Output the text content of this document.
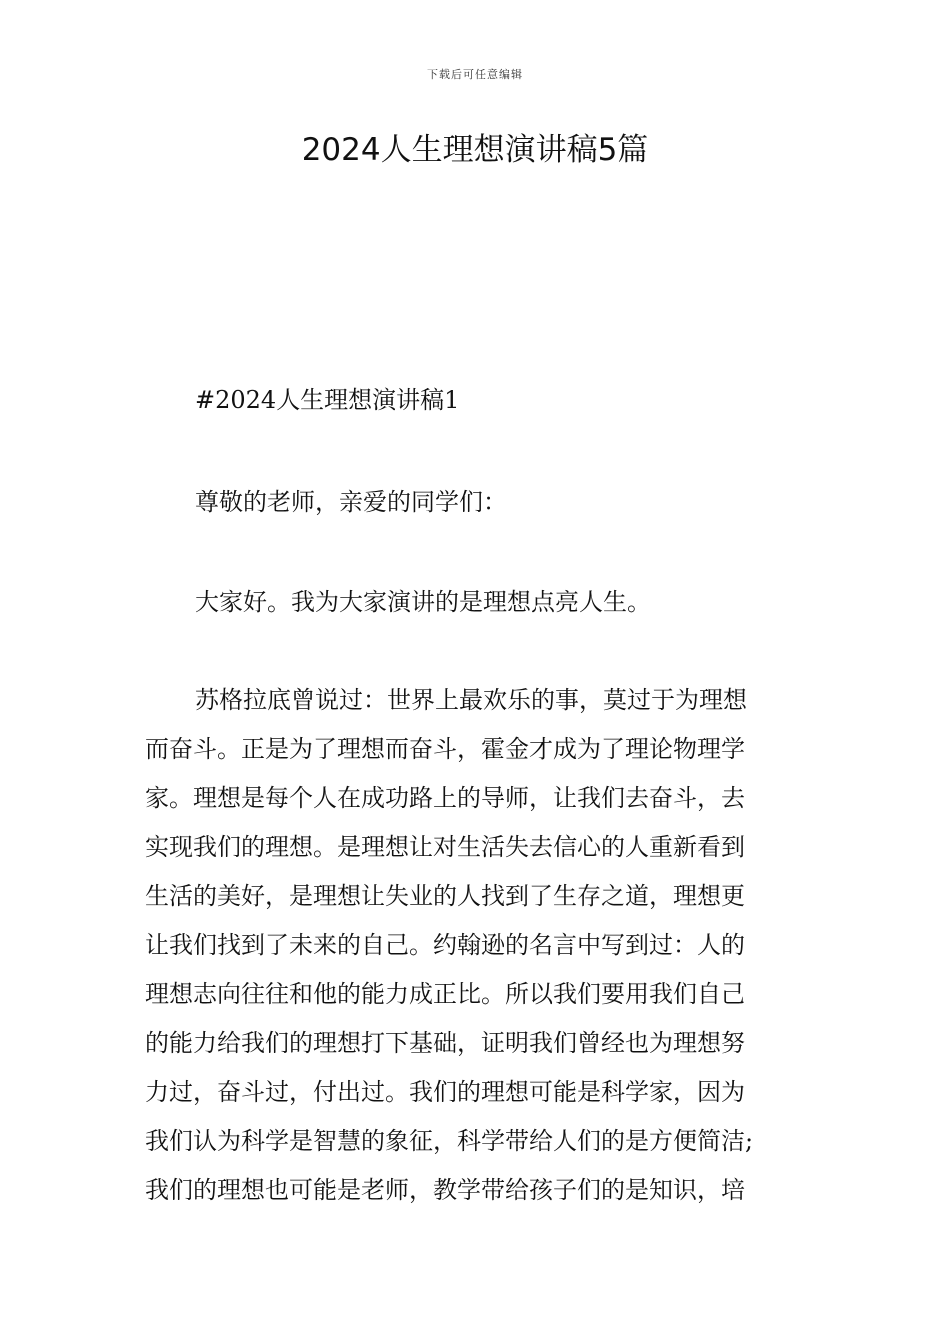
下载后可任意编辑
2024人生理想演讲稿5篇

#2024人生理想演讲稿1

尊敬的老师，亲爱的同学们：

大家好。我为大家演讲的是理想点亮人生。

苏格拉底曾说过：世界上最欢乐的事，莫过于为理想
而奋斗。正是为了理想而奋斗，霍金才成为了理论物理学
家。理想是每个人在成功路上的导师，让我们去奋斗，去
实现我们的理想。是理想让对生活失去信心的人重新看到
生活的美好，是理想让失业的人找到了生存之道，理想更
让我们找到了未来的自己。约翰逊的名言中写到过：人的
理想志向往往和他的能力成正比。所以我们要用我们自己
的能力给我们的理想打下基础，证明我们曾经也为理想努
力过，奋斗过，付出过。我们的理想可能是科学家，因为
我们认为科学是智慧的象征，科学带给人们的是方便简洁;
我们的理想也可能是老师，教学带给孩子们的是知识，培
